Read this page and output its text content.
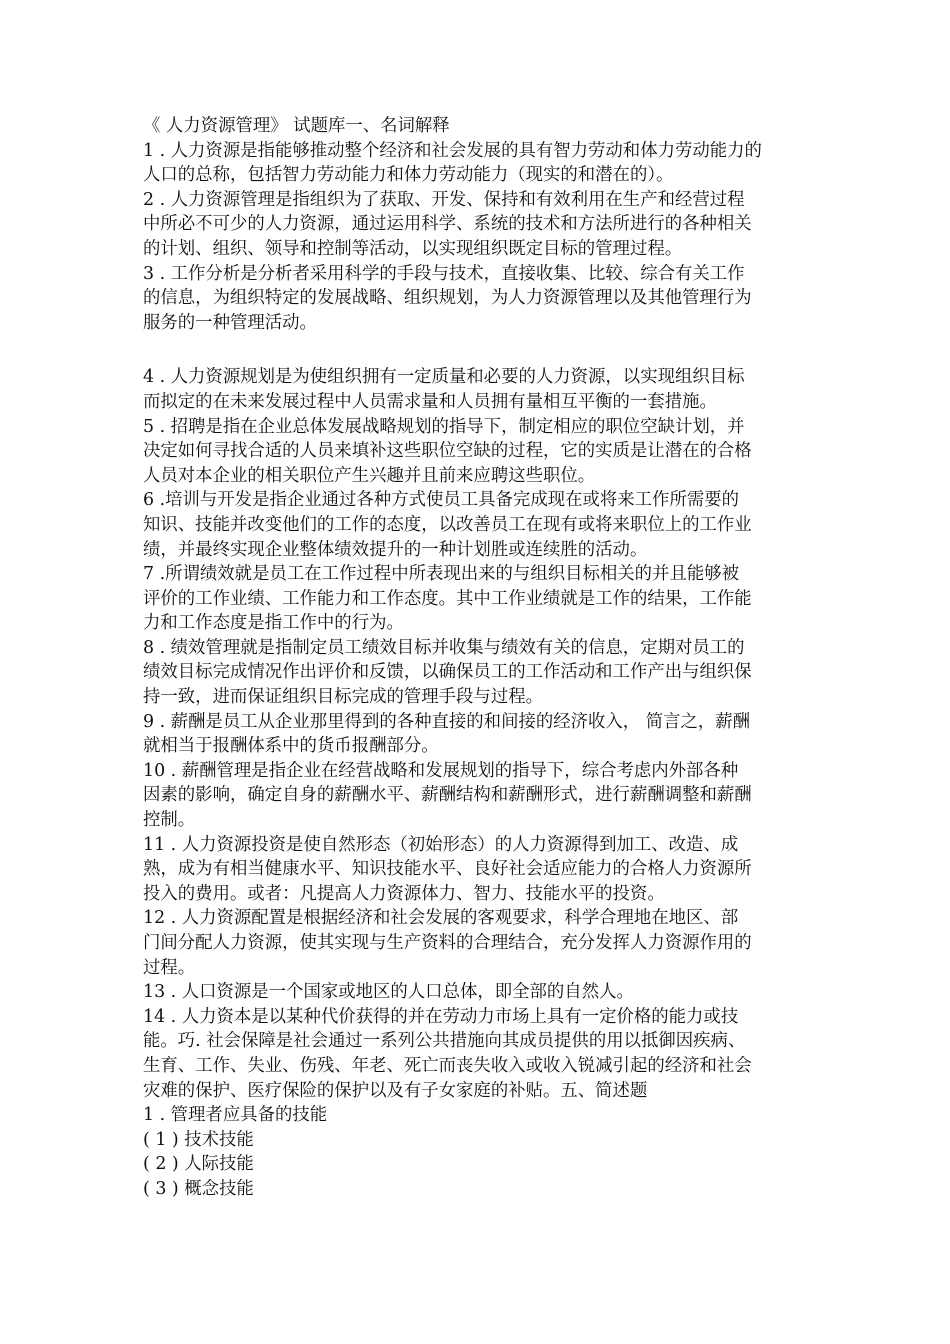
《 人力资源管理》 试题库一、名词解释
1 . 人力资源是指能够推动整个经济和社会发展的具有智力劳动和体力劳动能力的
人口的总称，包括智力劳动能力和体力劳动能力（现实的和潜在的）。
2 . 人力资源管理是指组织为了获取、开发、保持和有效利用在生产和经营过程
中所必不可少的人力资源，通过运用科学、系统的技术和方法所进行的各种相关
的计划、组织、领导和控制等活动，以实现组织既定目标的管理过程。
3 . 工作分析是分析者采用科学的手段与技术，直接收集、比较、综合有关工作
的信息，为组织特定的发展战略、组织规划，为人力资源管理以及其他管理行为
服务的一种管理活动。
4 . 人力资源规划是为使组织拥有一定质量和必要的人力资源，以实现组织目标
而拟定的在未来发展过程中人员需求量和人员拥有量相互平衡的一套措施。
5 . 招聘是指在企业总体发展战略规划的指导下，制定相应的职位空缺计划，并
决定如何寻找合适的人员来填补这些职位空缺的过程，它的实质是让潜在的合格
人员对本企业的相关职位产生兴趣并且前来应聘这些职位。
6 .培训与开发是指企业通过各种方式使员工具备完成现在或将来工作所需要的
知识、技能并改变他们的工作的态度，以改善员工在现有或将来职位上的工作业
绩，并最终实现企业整体绩效提升的一种计划胜或连续胜的活动。
7 .所谓绩效就是员工在工作过程中所表现出来的与组织目标相关的并且能够被
评价的工作业绩、工作能力和工作态度。其中工作业绩就是工作的结果，工作能
力和工作态度是指工作中的行为。
8 . 绩效管理就是指制定员工绩效目标并收集与绩效有关的信息，定期对员工的
绩效目标完成情况作出评价和反馈，以确保员工的工作活动和工作产出与组织保
持一致，进而保证组织目标完成的管理手段与过程。
9 . 薪酬是员工从企业那里得到的各种直接的和间接的经济收入， 简言之，薪酬
就相当于报酬体系中的货币报酬部分。
10 . 薪酬管理是指企业在经营战略和发展规划的指导下，综合考虑内外部各种
因素的影响，确定自身的薪酬水平、薪酬结构和薪酬形式，进行薪酬调整和薪酬
控制。
11 . 人力资源投资是使自然形态（初始形态）的人力资源得到加工、改造、成
熟，成为有相当健康水平、知识技能水平、良好社会适应能力的合格人力资源所
投入的费用。或者：凡提高人力资源体力、智力、技能水平的投资。
12 . 人力资源配置是根据经济和社会发展的客观要求，科学合理地在地区、部
门间分配人力资源，使其实现与生产资料的合理结合，充分发挥人力资源作用的
过程。
13 . 人口资源是一个国家或地区的人口总体，即全部的自然人。
14 . 人力资本是以某种代价获得的并在劳动力市场上具有一定价格的能力或技
能。巧. 社会保障是社会通过一系列公共措施向其成员提供的用以抵御因疾病、
生育、工作、失业、伤残、年老、死亡而丧失收入或收入锐减引起的经济和社会
灾难的保护、医疗保险的保护以及有子女家庭的补贴。五、简述题
1 . 管理者应具备的技能
( 1 ) 技术技能
( 2 ) 人际技能
( 3 ) 概念技能
